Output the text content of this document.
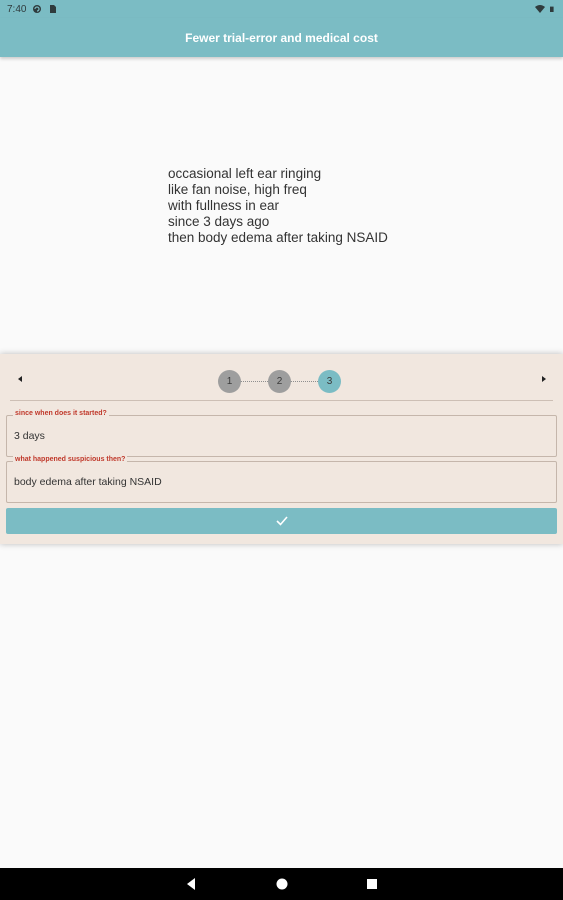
7:40
Fewer trial-error and medical cost
occasional left ear ringing
like fan noise, high freq
with fullness in ear
since 3 days ago
then body edema after taking NSAID
1	2	3
since when does it started?
3 days
what happened suspicious then?
body edema after taking NSAID
